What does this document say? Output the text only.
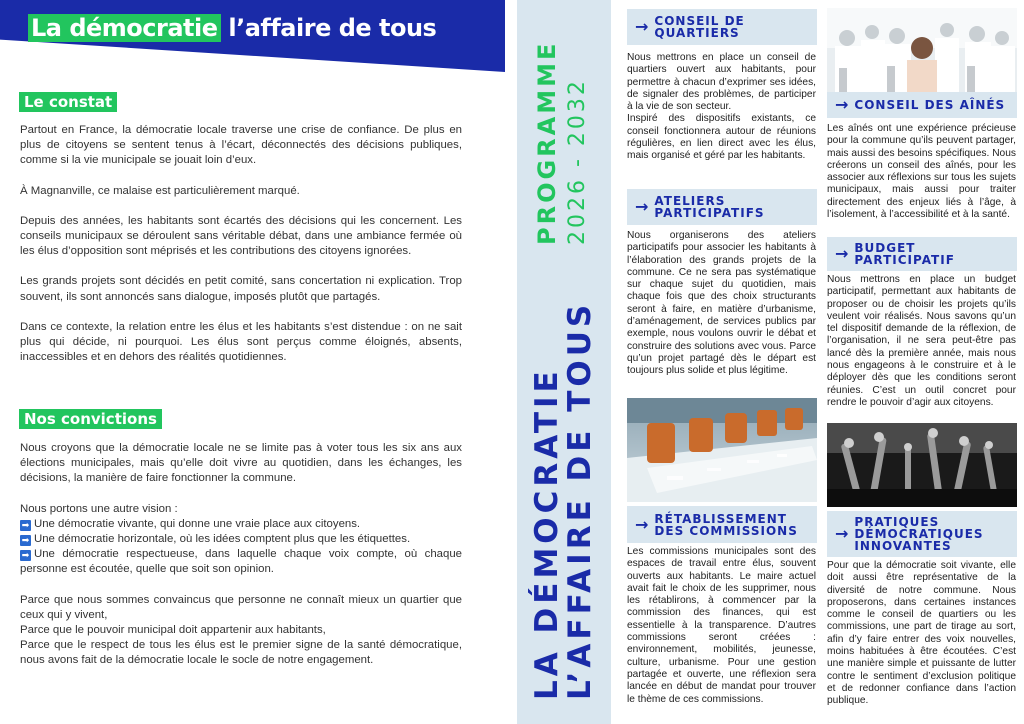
La démocratie l’affaire de tous
Le constat

Partout en France, la démocratie locale traverse une crise de confiance. De plus en plus de citoyens se sentent tenus à l’écart, déconnectés des décisions publiques, comme si la vie municipale se jouait loin d’eux.

À Magnanville, ce malaise est particulièrement marqué.

Depuis des années, les habitants sont écartés des décisions qui les concernent. Les conseils municipaux se déroulent sans véritable débat, dans une ambiance fermée où les élus d’opposition sont méprisés et les contributions des citoyens ignorées.

Les grands projets sont décidés en petit comité, sans concertation ni explication. Trop souvent, ils sont annoncés sans dialogue, imposés plutôt que partagés.

Dans ce contexte, la relation entre les élus et les habitants s’est distendue : on ne sait plus qui décide, ni pourquoi. Les élus sont perçus comme éloignés, absents, inaccessibles et en dehors des réalités quotidiennes.

Nos convictions

Nous croyons que la démocratie locale ne se limite pas à voter tous les six ans aux élections municipales, mais qu’elle doit vivre au quotidien, dans les échanges, les décisions, la manière de faire fonctionner la commune.

Nous portons une autre vision :

➡ Une démocratie vivante, qui donne une vraie place aux citoyens.

➡ Une démocratie horizontale, où les idées comptent plus que les étiquettes.

➡ Une démocratie respectueuse, dans laquelle chaque voix compte, où chaque personne est écoutée, quelle que soit son opinion.

Parce que nous sommes convaincus que personne ne connaît mieux un quartier que ceux qui y vivent,

Parce que le pouvoir municipal doit appartenir aux habitants,

Parce que le respect de tous les élus est le premier signe de la santé démocratique, nous avons fait de la démocratie locale le socle de notre engagement.

PROGRAMME 2026 - 2032
LA DÉMOCRATIE
L’AFFAIRE DE TOUS
→ CONSEIL DE
QUARTIERS
Nous mettrons en place un conseil de quartiers ouvert aux habitants, pour permettre à chacun d’exprimer ses idées, de signaler des problèmes, de participer à la vie de son secteur.
Inspiré des dispositifs existants, ce conseil fonctionnera autour de réunions régulières, en lien direct avec les élus, mais organisé et géré par les habitants.
→ ATELIERS
PARTICIPATIFS
Nous organiserons des ateliers participatifs pour associer les habitants à l’élaboration des grands projets de la commune. Ce ne sera pas systématique sur chaque sujet du quotidien, mais chaque fois que des choix structurants seront à faire, en matière d’urbanisme, d’aménagement, de services publics par exemple, nous voulons ouvrir le débat et construire des solutions avec vous. Parce qu’un projet partagé dès le départ est toujours plus solide et plus légitime.
→ RÉTABLISSEMENT
DES COMMISSIONS
Les commissions municipales sont des espaces de travail entre élus, souvent ouverts aux habitants. Le maire actuel avait fait le choix de les supprimer, nous les rétablirons, à commencer par la commission des finances, qui est essentielle à la transparence. D’autres commissions seront créées : environnement, mobilités, jeunesse, culture, urbanisme. Pour une gestion partagée et ouverte, une réflexion sera lancée en début de mandat pour trouver le thème de ces commissions.
→ CONSEIL DES AÎNÉS
Les aînés ont une expérience précieuse pour la commune qu’ils peuvent partager, mais aussi des besoins spécifiques. Nous créerons un conseil des aînés, pour les associer aux réflexions sur tous les sujets municipaux, mais aussi pour traiter directement des enjeux liés à l’âge, à l’isolement, à l’accessibilité et à la santé.
→ BUDGET
PARTICIPATIF
Nous mettrons en place un budget participatif, permettant aux habitants de proposer ou de choisir les projets qu’ils veulent voir réalisés. Nous savons qu’un tel dispositif demande de la réflexion, de l’organisation, il ne sera peut-être pas lancé dès la première année, mais nous nous engageons à le construire et à le déployer dès que les conditions seront réunies. C’est un outil concret pour rendre le pouvoir d’agir aux citoyens.
→
PRATIQUES
DÉMOCRATIQUES
INNOVANTES
Pour que la démocratie soit vivante, elle doit aussi être représentative de la diversité de notre commune. Nous proposerons, dans certaines instances comme le conseil de quartiers ou les commissions, une part de tirage au sort, afin d’y faire entrer des voix nouvelles, moins habituées à être écoutées. C’est une manière simple et puissante de lutter contre le sentiment d’exclusion politique et de redonner confiance dans l’action publique.
